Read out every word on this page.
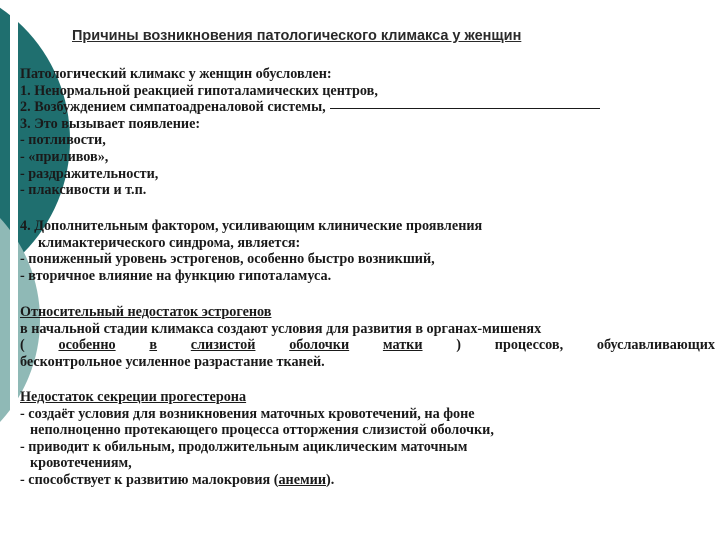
Причины возникновения патологического климакса у женщин
Патологический климакс у женщин обусловлен:
1. Ненормальной реакцией гипоталамических центров,
2. Возбуждением симпатоадреналовой системы,
3. Это вызывает появление:
- потливости,
- «приливов»,
- раздражительности,
- плаксивости и т.п.
4. Дополнительным фактором, усиливающим клинические проявления
климактерического синдрома, является:
- пониженный уровень эстрогенов, особенно быстро возникший,
- вторичное влияние на функцию гипоталамуса.
Относительный недостаток эстрогенов
в начальной стадии климакса создают условия для развития в органах-мишенях
( особенно в слизистой оболочки матки ) процессов, обуславливающих
бесконтрольное усиленное разрастание тканей.
Недостаток секреции прогестерона
- создаёт условия для возникновения маточных кровотечений, на фоне
неполноценно протекающего процесса отторжения слизистой оболочки,
- приводит к обильным, продолжительным ациклическим маточным
кровотечениям,
- способствует к развитию малокровия (анемии).
